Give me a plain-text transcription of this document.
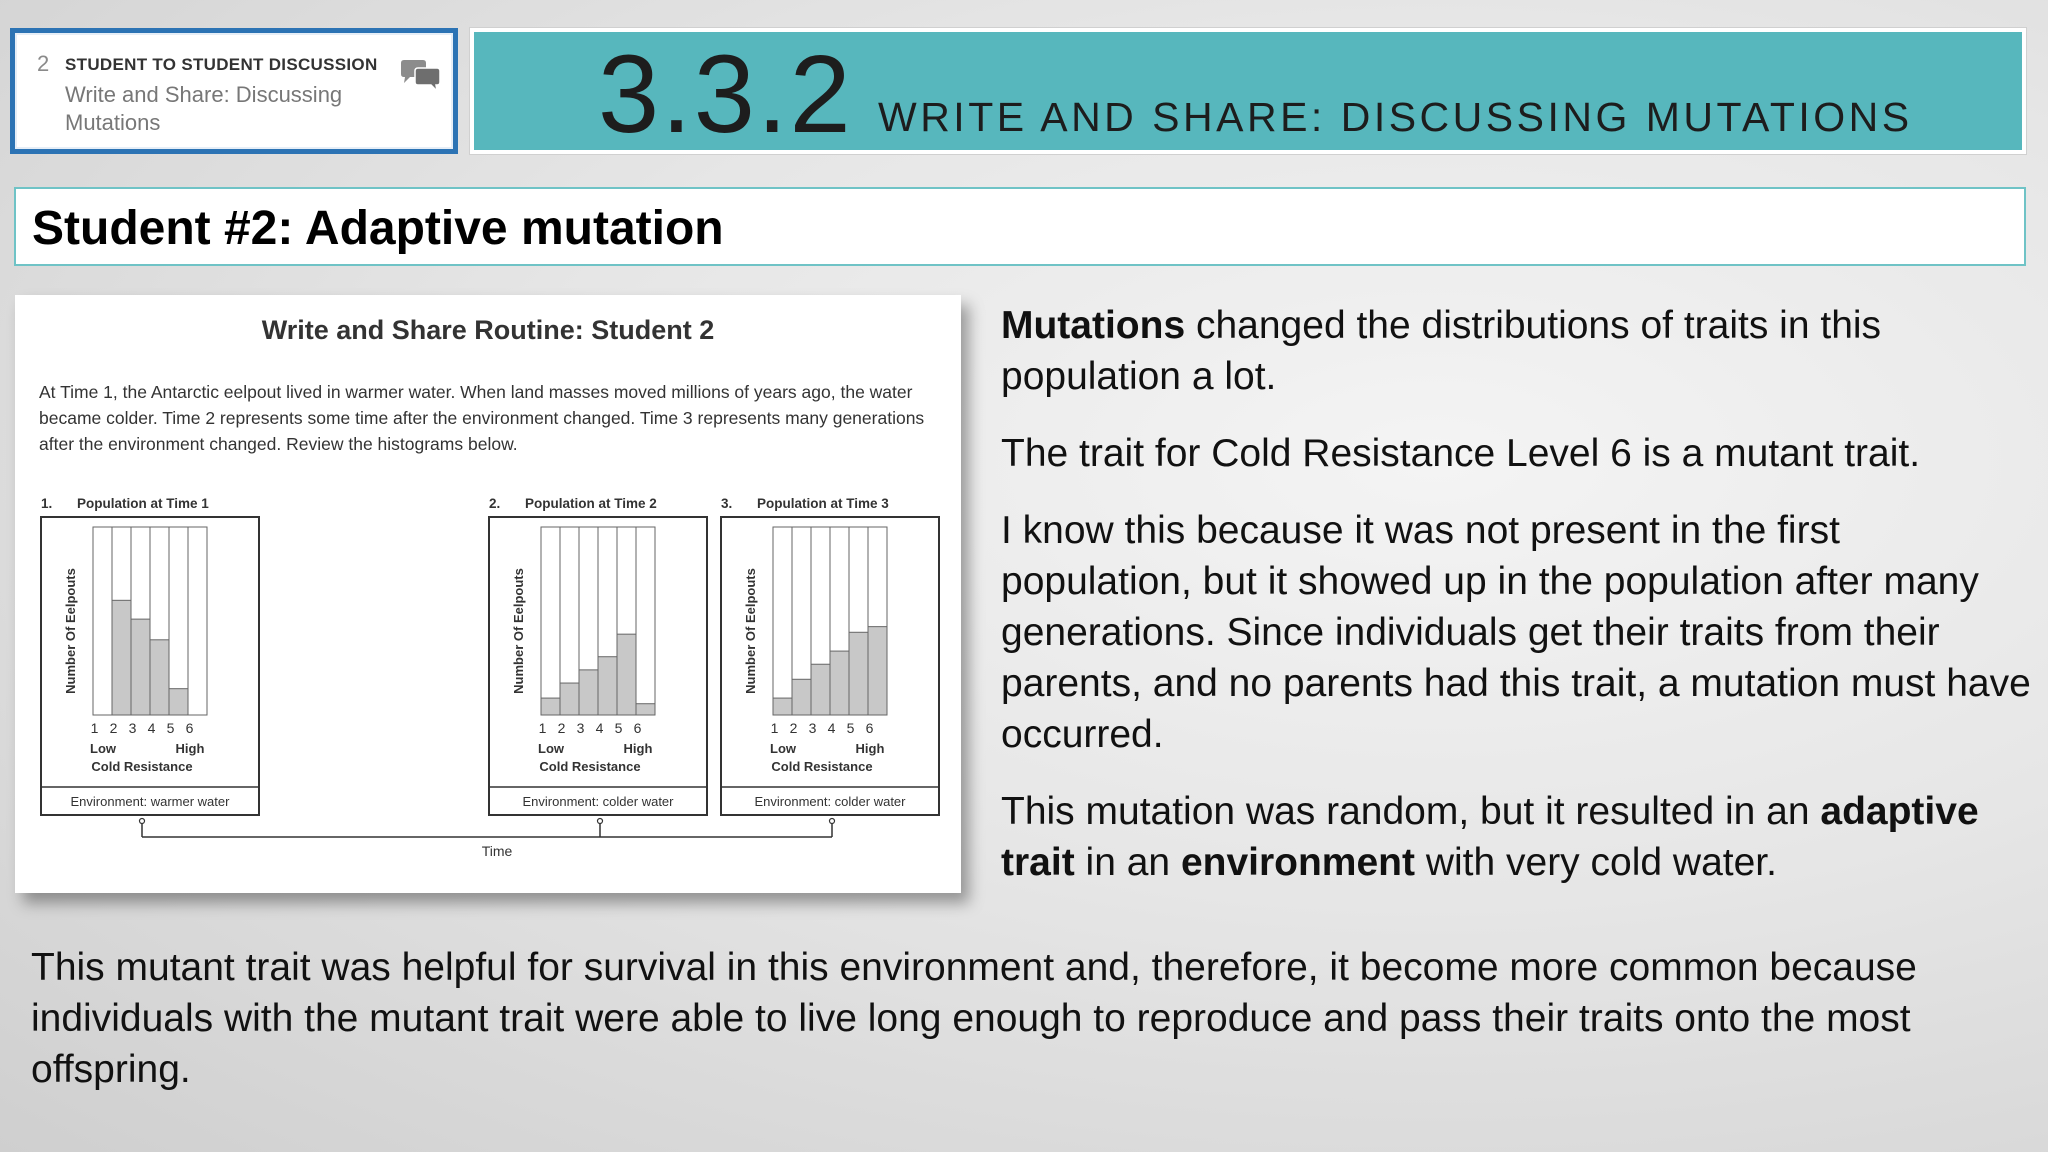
2 STUDENT TO STUDENT DISCUSSION
Write and Share: Discussing Mutations	3.3.2 WRITE AND SHARE: DISCUSSING MUTATIONS
Student #2: Adaptive mutation
Write and Share Routine: Student 2
At Time 1, the Antarctic eelpout lived in warmer water. When land masses moved millions of years ago, the water became colder. Time 2 represents some time after the environment changed. Time 3 represents many generations after the environment changed. Review the histograms below.
1. Population at Time 1
Environment: warmer water
Number Of Eelpouts
1 2 3 4 5 6
Low	High
Cold Resistance
2. Population at Time 2
Environment: colder water
Number Of Eelpouts
1 2 3 4 5 6
Low	High
Cold Resistance
3. Population at Time 3
Environment: colder water
Number Of Eelpouts
1 2 3 4 5 6
Low	High
Cold Resistance
Time

Mutations changed the distributions of traits in this population a lot.

The trait for Cold Resistance Level 6 is a mutant trait.

I know this because it was not present in the first population, but it showed up in the population after many generations. Since individuals get their traits from their parents, and no parents had this trait, a mutation must have occurred.

This mutation was random, but it resulted in an adaptive trait in an environment with very cold water.

This mutant trait was helpful for survival in this environment and, therefore, it become more common because individuals with the mutant trait were able to live long enough to reproduce and pass their traits onto the most offspring.
